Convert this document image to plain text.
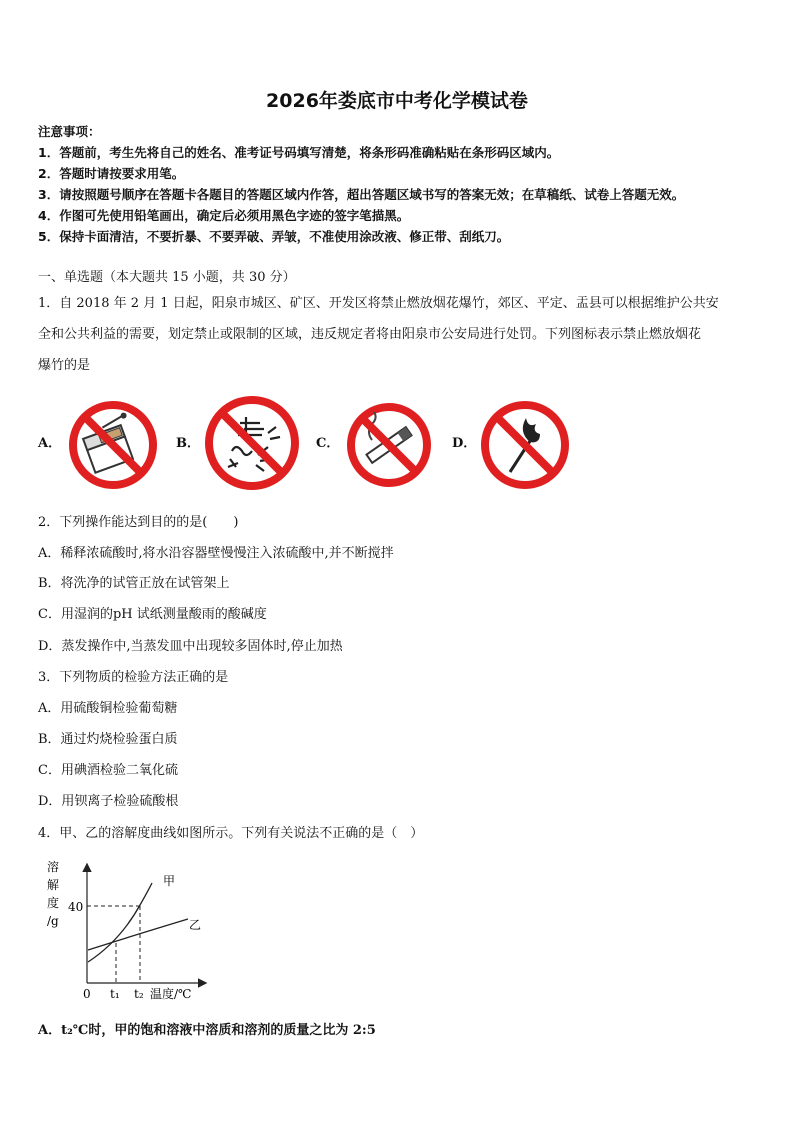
2026年娄底市中考化学模试卷
注意事项：
1．答题前，考生先将自己的姓名、准考证号码填写清楚，将条形码准确粘贴在条形码区域内。
2．答题时请按要求用笔。
3．请按照题号顺序在答题卡各题目的答题区域内作答，超出答题区域书写的答案无效；在草稿纸、试卷上答题无效。
4．作图可先使用铅笔画出，确定后必须用黑色字迹的签字笔描黑。
5．保持卡面清洁，不要折暴、不要弄破、弄皱，不准使用涂改液、修正带、刮纸刀。
一、单选题（本大题共 15 小题，共 30 分）
1．自 2018 年 2 月 1 日起，阳泉市城区、矿区、开发区将禁止燃放烟花爆竹，郊区、平定、盂县可以根据维护公共安
全和公共利益的需要，划定禁止或限制的区域，违反规定者将由阳泉市公安局进行处罚。下列图标表示禁止燃放烟花
爆竹的是
A．	B．	C．	D．
2．下列操作能达到目的的是(　　)
A．稀释浓硫酸时,将水沿容器壁慢慢注入浓硫酸中,并不断搅拌
B．将洗净的试管正放在试管架上
C．用湿润的pH 试纸测量酸雨的酸碱度
D．蒸发操作中,当蒸发皿中出现较多固体时,停止加热
3．下列物质的检验方法正确的是
A．用硫酸铜检验葡萄糖
B．通过灼烧检验蛋白质
C．用碘酒检验二氧化硫
D．用钡离子检验硫酸根
4．甲、乙的溶解度曲线如图所示。下列有关说法不正确的是（　）
溶
解
度
/g
40
0 t₁ t₂ 温度/℃
甲
乙
A．t₂℃时，甲的饱和溶液中溶质和溶剂的质量之比为 2:5
